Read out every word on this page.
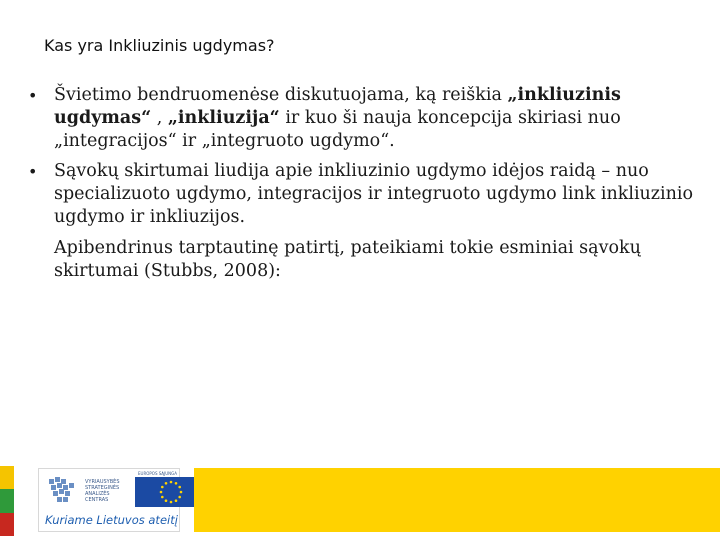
Kas yra Inkliuzinis ugdymas?
• Švietimo bendruomenėse diskutuojama, ką reiškia „inkliuzinis ugdymas“ , „inkliuzija“ ir kuo ši nauja koncepcija skiriasi nuo „integracijos“ ir „integruoto ugdymo“.
• Sąvokų skirtumai liudija apie inkliuzinio ugdymo idėjos raidą – nuo specializuoto ugdymo, integracijos ir integruoto ugdymo link inkliuzinio ugdymo ir inkliuzijos.
Apibendrinus tarptautinę patirtį, pateikiami tokie esminiai sąvokų skirtumai (Stubbs, 2008):
VYRIAUSYBĖS STRATEGINĖS ANALIZĖS CENTRAS
EUROPOS SĄJUNGA
Kuriame Lietuvos ateitį
